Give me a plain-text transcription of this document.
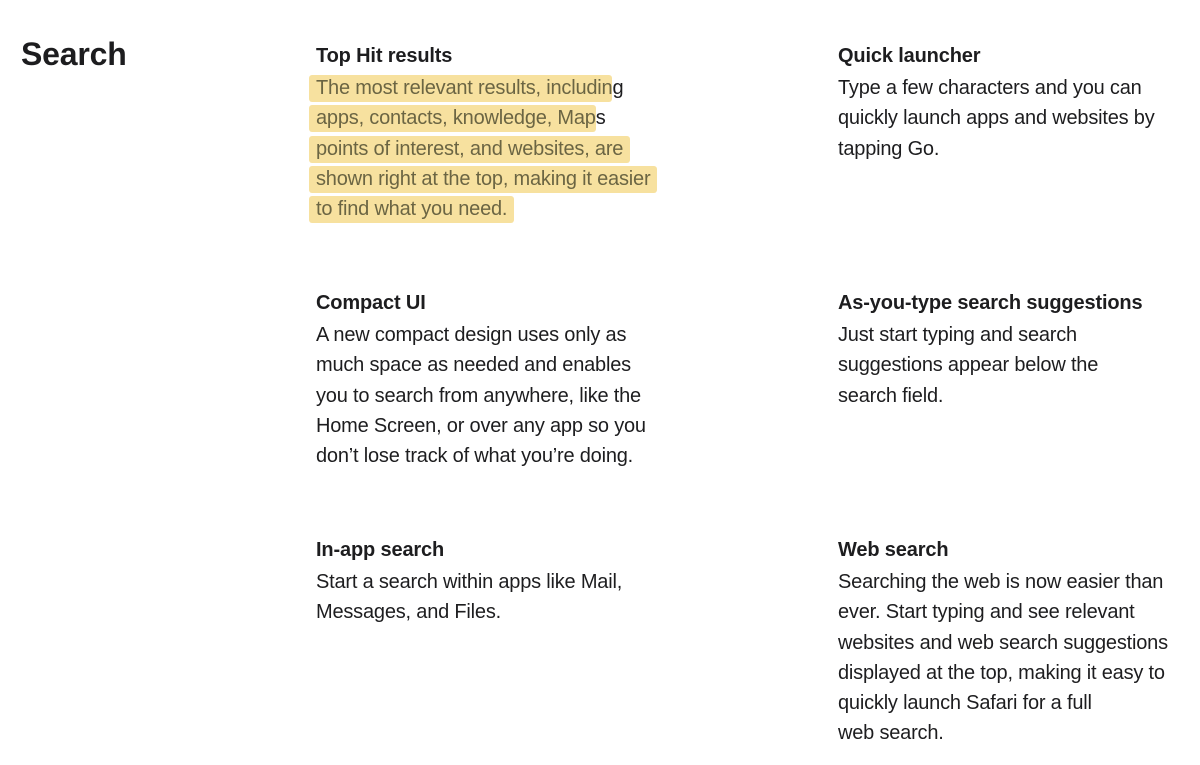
Search	Top Hit results
The most relevant results, including
apps, contacts, knowledge, Maps
points of interest, and websites, are
shown right at the top, making it easier
to find what you need.
Quick launcher
Type a few characters and you can
quickly launch apps and websites by
tapping Go.
Compact UI
A new compact design uses only as
much space as needed and enables
you to search from anywhere, like the
Home Screen, or over any app so you
don’t lose track of what you’re doing.
As-you-type search suggestions
Just start typing and search
suggestions appear below the
search field.
In-app search
Start a search within apps like Mail,
Messages, and Files.
Web search
Searching the web is now easier than
ever. Start typing and see relevant
websites and web search suggestions
displayed at the top, making it easy to
quickly launch Safari for a full
web search.
